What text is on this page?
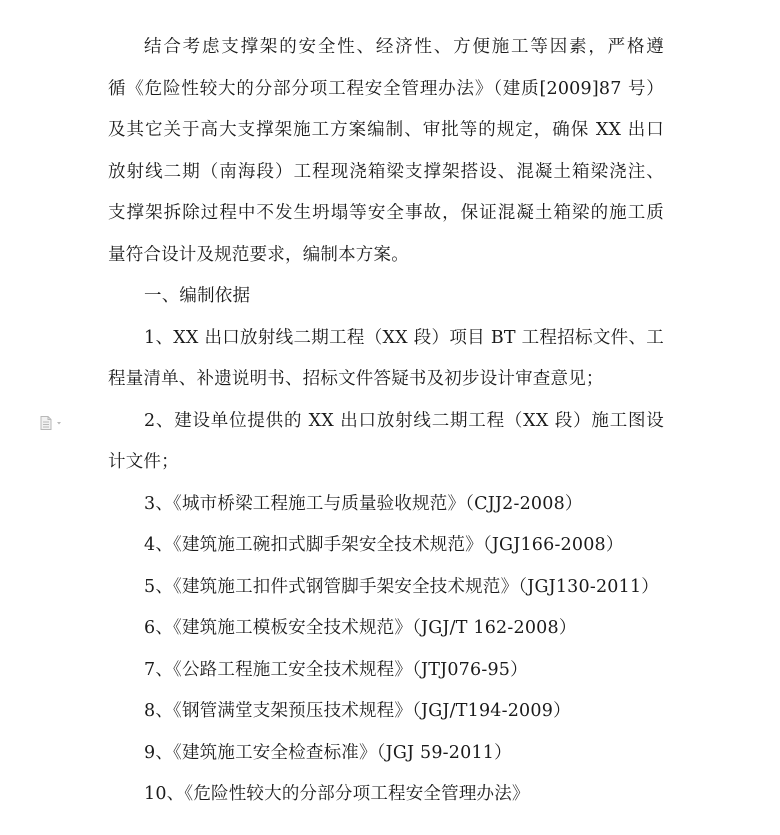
结合考虑支撑架的安全性、经济性、方便施工等因素，严格遵
循《危险性较大的分部分项工程安全管理办法》（建质[2009]87 号）
及其它关于高大支撑架施工方案编制、审批等的规定，确保 XX 出口
放射线二期（南海段）工程现浇箱梁支撑架搭设、混凝土箱梁浇注、
支撑架拆除过程中不发生坍塌等安全事故，保证混凝土箱梁的施工质
量符合设计及规范要求，编制本方案。
一、编制依据
1、XX 出口放射线二期工程（XX 段）项目 BT 工程招标文件、工
程量清单、补遗说明书、招标文件答疑书及初步设计审查意见；
2、建设单位提供的 XX 出口放射线二期工程（XX 段）施工图设
计文件；
3、《城市桥梁工程施工与质量验收规范》（CJJ2-2008）
4、《建筑施工碗扣式脚手架安全技术规范》（JGJ166-2008）
5、《建筑施工扣件式钢管脚手架安全技术规范》（JGJ130-2011）
6、《建筑施工模板安全技术规范》（JGJ/T 162-2008）
7、《公路工程施工安全技术规程》（JTJ076-95）
8、《钢管满堂支架预压技术规程》（JGJ/T194-2009）
9、《建筑施工安全检查标准》（JGJ 59-2011）
10、《危险性较大的分部分项工程安全管理办法》
